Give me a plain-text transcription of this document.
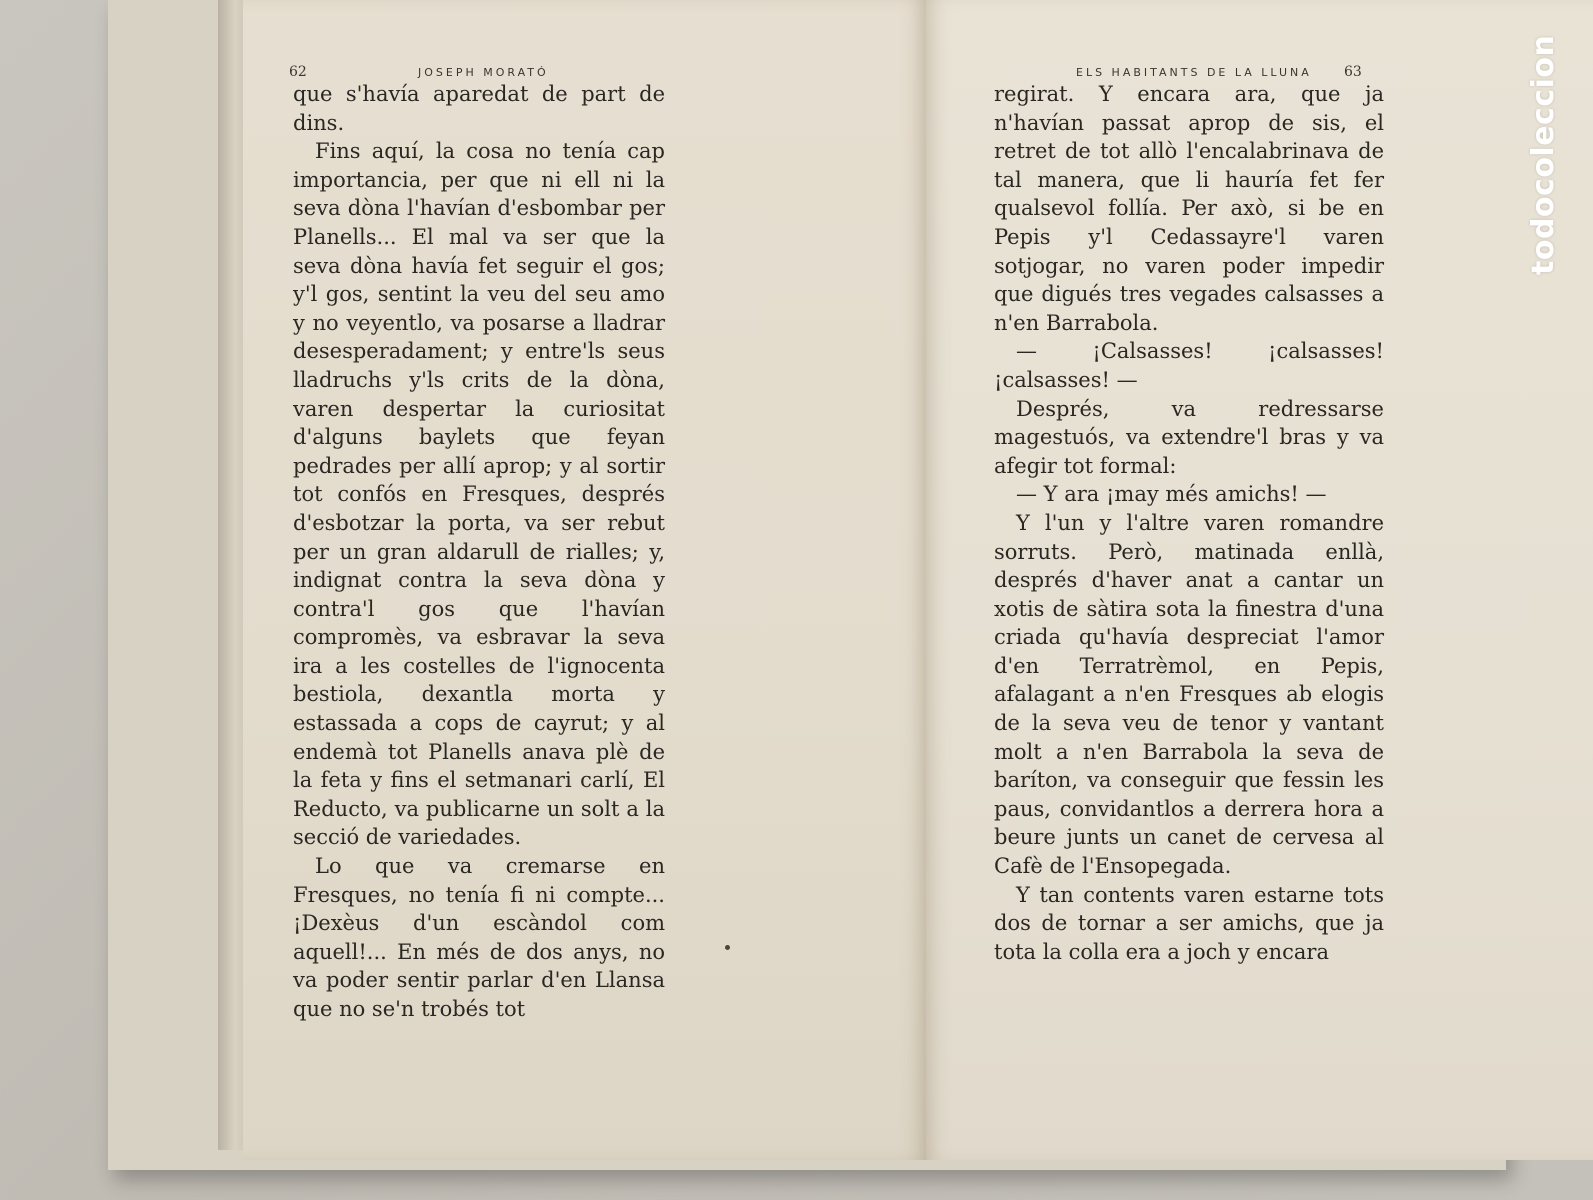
62	JOSEPH MORATÓ

que s'havía aparedat de part de dins.

Fins aquí, la cosa no tenía cap importancia, per que ni ell ni la seva dòna l'havían d'esbombar per Planells... El mal va ser que la seva dòna havía fet seguir el gos; y'l gos, sentint la veu del seu amo y no veyentlo, va posarse a lladrar desesperadament; y entre'ls seus lladruchs y'ls crits de la dòna, varen despertar la curiositat d'alguns baylets que feyan pedrades per allí aprop; y al sortir tot confós en Fresques, després d'esbotzar la porta, va ser rebut per un gran aldarull de rialles; y, indignat contra la seva dòna y contra'l gos que l'havían compromès, va esbravar la seva ira a les costelles de l'ignocenta bestiola, dexantla morta y estassada a cops de cayrut; y al endemà tot Planells anava plè de la feta y fins el setmanari carlí, El Reducto, va publicarne un solt a la secció de variedades.

Lo que va cremarse en Fresques, no tenía fi ni compte... ¡Dexèus d'un escàndol com aquell!... En més de dos anys, no va poder sentir parlar d'en Llansa que no se'n trobés tot

ELS HABITANTS DE LA LLUNA 63

regirat. Y encara ara, que ja n'havían passat aprop de sis, el retret de tot allò l'encalabrinava de tal manera, que li hauría fet fer qualsevol follía. Per axò, si be en Pepis y'l Cedassayre'l varen sotjogar, no varen poder impedir que digués tres vegades calsasses a n'en Barrabola.

— ¡Calsasses! ¡calsasses! ¡calsasses! —

Després, va redressarse magestuós, va extendre'l bras y va afegir tot formal:

— Y ara ¡may més amichs! —

Y l'un y l'altre varen romandre sorruts. Però, matinada enllà, després d'haver anat a cantar un xotis de sàtira sota la finestra d'una criada qu'havía despreciat l'amor d'en Terratrèmol, en Pepis, afalagant a n'en Fresques ab elogis de la seva veu de tenor y vantant molt a n'en Barrabola la seva de baríton, va conseguir que fessin les paus, convidantlos a derrera hora a beure junts un canet de cervesa al Cafè de l'Ensopegada.

Y tan contents varen estarne tots dos de tornar a ser amichs, que ja tota la colla era a joch y encara

todocoleccion
